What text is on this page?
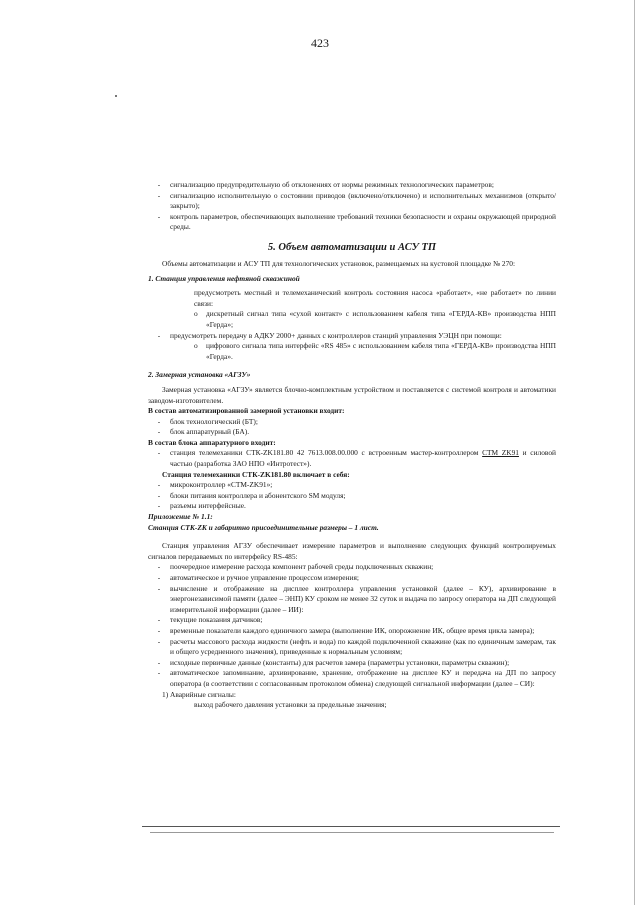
423
-	сигнализацию предупредительную об отклонениях от нормы режимных технологических параметров;
-	сигнализацию исполнительную о состоянии приводов (включено/отключено) и исполнительных механизмов (открыто/закрыто);
-	контроль параметров, обеспечивающих выполнение требований техники безопасности и охраны окружающей природной среды.

5. Объем автоматизации и АСУ ТП

Объемы автоматизации и АСУ ТП для технологических установок, размещаемых на кустовой площадке № 270:

1. Станция управления нефтяной скважиной

предусмотреть местный и телемеханический контроль состояния насоса «работает», «не работает» по линии связи:

o	дискретный сигнал типа «сухой контакт» с использованием кабеля типа «ГЕРДА-КВ» производства НПП «Герда»;
-	предусмотреть передачу в АДКУ 2000+ данных с контроллеров станций управления УЭЦН при помощи:
o	цифрового сигнала типа интерфейс «RS 485» с использованием кабеля типа «ГЕРДА-КВ» производства НПП «Герда».

2. Замерная установка «АГЗУ»

Замерная установка «АГЗУ» является блочно-комплектным устройством и поставляется с системой контроля и автоматики заводом-изготовителем.

В состав автоматизированной замерной установки входит:

-	блок технологический (БТ);
-	блок аппаратурный (БА).

В состав блока аппаратурного входит:

-	станция телемеханики СТК-ZK181.80 42 7613.008.00.000 с встроенным мастер-контроллером СТМ ZK91 и силовой частью (разработка ЗАО НПО «Интротест»).

Станция телемеханики СТК-ZK181.80 включает в себя:

-	микроконтроллер «СТМ-ZK91»;
-	блоки питания контроллера и абонентского SM модуля;
-	разъемы интерфейсные.

Приложение № 1.1:

Станция СТК-ZK и габаритно присоединительные размеры – 1 лист.

Станция управления АГЗУ обеспечивает измерение параметров и выполнение следующих функций контролируемых сигналов передаваемых по интерфейсу RS-485:

-	поочередное измерение расхода компонент рабочей среды подключенных скважин;
-	автоматическое и ручное управление процессом измерения;
-	вычисление и отображение на дисплее контроллера управления установкой (далее – КУ), архивирование в энергонезависимой памяти (далее – ЭНП) КУ сроком не менее 32 суток и выдача по запросу оператора на ДП следующей измерительной информации (далее – ИИ):
-	текущие показания датчиков;
-	временные показатели каждого единичного замера (выполнение ИК, опорожнение ИК, общее время цикла замера);
-	расчеты массового расхода жидкости (нефть и вода) по каждой подключенной скважине (как по единичным замерам, так и общего усредненного значения), приведенные к нормальным условиям;
-	исходные первичные данные (константы) для расчетов замера (параметры установки, параметры скважин);
-	автоматическое запоминание, архивирование, хранение, отображение на дисплее КУ и передача на ДП по запросу оператора (в соответствии с согласованным протоколом обмена) следующей сигнальной информации (далее – СИ):

1) Аварийные сигналы:

выход рабочего давления установки за предельные значения;
